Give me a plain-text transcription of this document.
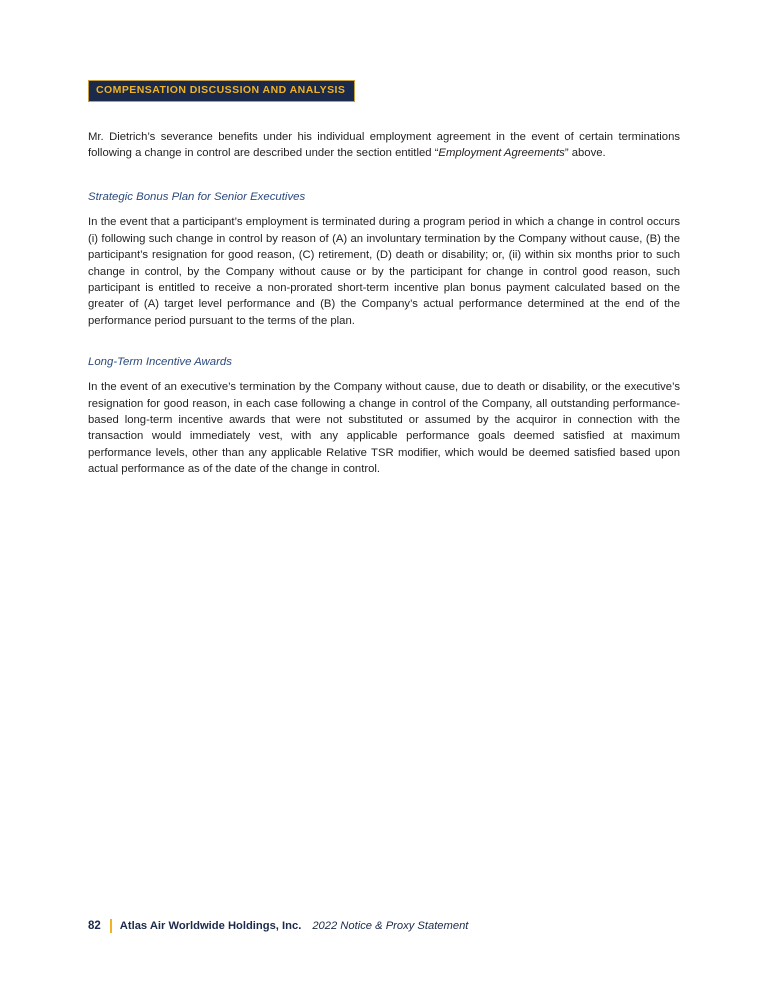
COMPENSATION DISCUSSION AND ANALYSIS

Mr. Dietrich’s severance benefits under his individual employment agreement in the event of certain terminations following a change in control are described under the section entitled “Employment Agreements” above.

Strategic Bonus Plan for Senior Executives

In the event that a participant’s employment is terminated during a program period in which a change in control occurs (i) following such change in control by reason of (A) an involuntary termination by the Company without cause, (B) the participant’s resignation for good reason, (C) retirement, (D) death or disability; or, (ii) within six months prior to such change in control, by the Company without cause or by the participant for change in control good reason, such participant is entitled to receive a non-prorated short-term incentive plan bonus payment calculated based on the greater of (A) target level performance and (B) the Company’s actual performance determined at the end of the performance period pursuant to the terms of the plan.

Long-Term Incentive Awards

In the event of an executive’s termination by the Company without cause, due to death or disability, or the executive’s resignation for good reason, in each case following a change in control of the Company, all outstanding performance-based long-term incentive awards that were not substituted or assumed by the acquiror in connection with the transaction would immediately vest, with any applicable performance goals deemed satisfied at maximum performance levels, other than any applicable Relative TSR modifier, which would be deemed satisfied based upon actual performance as of the date of the change in control.

82 Atlas Air Worldwide Holdings, Inc. 2022 Notice & Proxy Statement
